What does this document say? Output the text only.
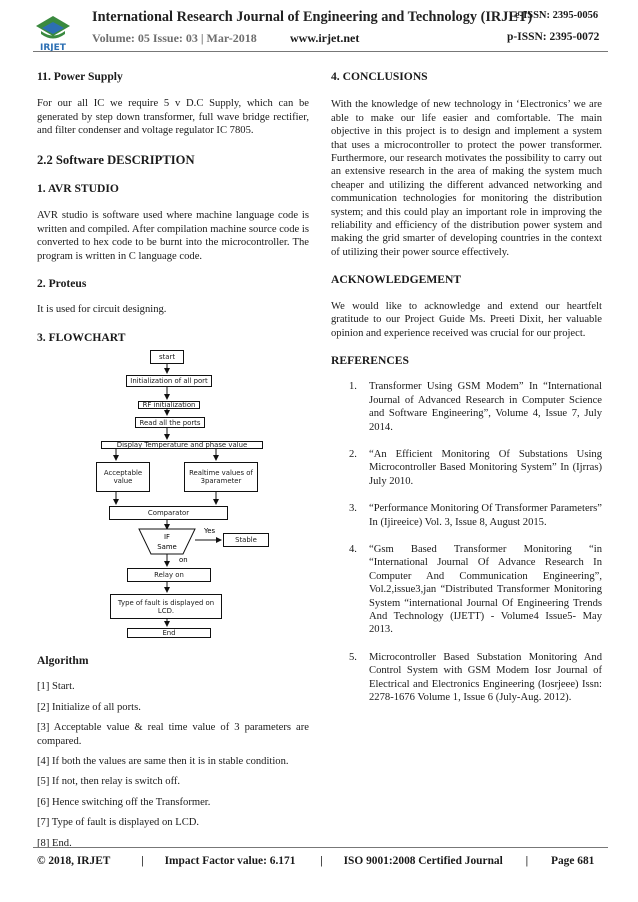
IRJET
International Research Journal of Engineering and Technology (IRJET)
e-ISSN: 2395-0056
Volume: 05 Issue: 03 | Mar-2018	www.irjet.net	p-ISSN: 2395-0072

11. Power Supply

For our all IC we require 5 v D.C Supply, which can be generated by step down transformer, full wave bridge rectifier, and filter condenser and voltage regulator IC 7805.

2.2 Software DESCRIPTION

1. AVR STUDIO

AVR studio is software used where machine language code is written and compiled. After compilation machine source code is converted to hex code to be burnt into the microcontroller. The program is written in C language code.

2. Proteus

It is used for circuit designing.

3. FLOWCHART

IF
Same
Yes
on
start
Initialization of all port
RF initialization
Read all the ports
Display Temperature and phase value
Acceptable value
Realtime values of 3parameter
Comparator
Stable
Relay on
Type of fault is displayed on LCD.
End

Algorithm

[1] Start.

[2] Initialize of all ports.

[3] Acceptable value & real time value of 3 parameters are compared.

[4] If both the values are same then it is in stable condition.

[5] If not, then relay is switch off.

[6] Hence switching off the Transformer.

[7] Type of fault is displayed on LCD.

[8] End.

4. CONCLUSIONS

With the knowledge of new technology in ‘Electronics’ we are able to make our life easier and comfortable. The main objective in this project is to design and implement a system that uses a microcontroller to protect the power transformer. Furthermore, our research motivates the possibility to carry out an extensive research in the area of making the system much cheaper and utilizing the different advanced networking and communication technologies for monitoring the distribution system; and this could play an important role in improving the reliability and efficiency of the distribution power system and making the grid smarter of developing countries in the context of utilizing their power source effectively.

ACKNOWLEDGEMENT

We would like to acknowledge and extend our heartfelt gratitude to our Project Guide Ms. Preeti Dixit, her valuable opinion and experience received was crucial for our project.

REFERENCES

1. Transformer Using GSM Modem” In “International Journal of Advanced Research in Computer Science and Software Engineering”, Volume 4, Issue 7, July 2014.
2. “An Efficient Monitoring Of Substations Using Microcontroller Based Monitoring System” In (Ijrras) July 2010.
3. “Performance Monitoring Of Transformer Parameters” In (Ijireeice) Vol. 3, Issue 8, August 2015.
4. “Gsm Based Transformer Monitoring “in “International Journal Of Advance Research In Computer And Communication Engineering”, Vol.2,issue3,jan “Distributed Transformer Monitoring System “international Journal Of Engineering Trends And Technology (IJETT) - Volume4 Issue5- May 2013.
5. Microcontroller Based Substation Monitoring And Control System with GSM Modem Iosr Journal of Electrical and Electronics Engineering (Iosrjeee) Issn: 2278-1676 Volume 1, Issue 6 (July-Aug. 2012).
© 2018, IRJET	| Impact Factor value: 6.171 | ISO 9001:2008 Certified Journal | Page 681
